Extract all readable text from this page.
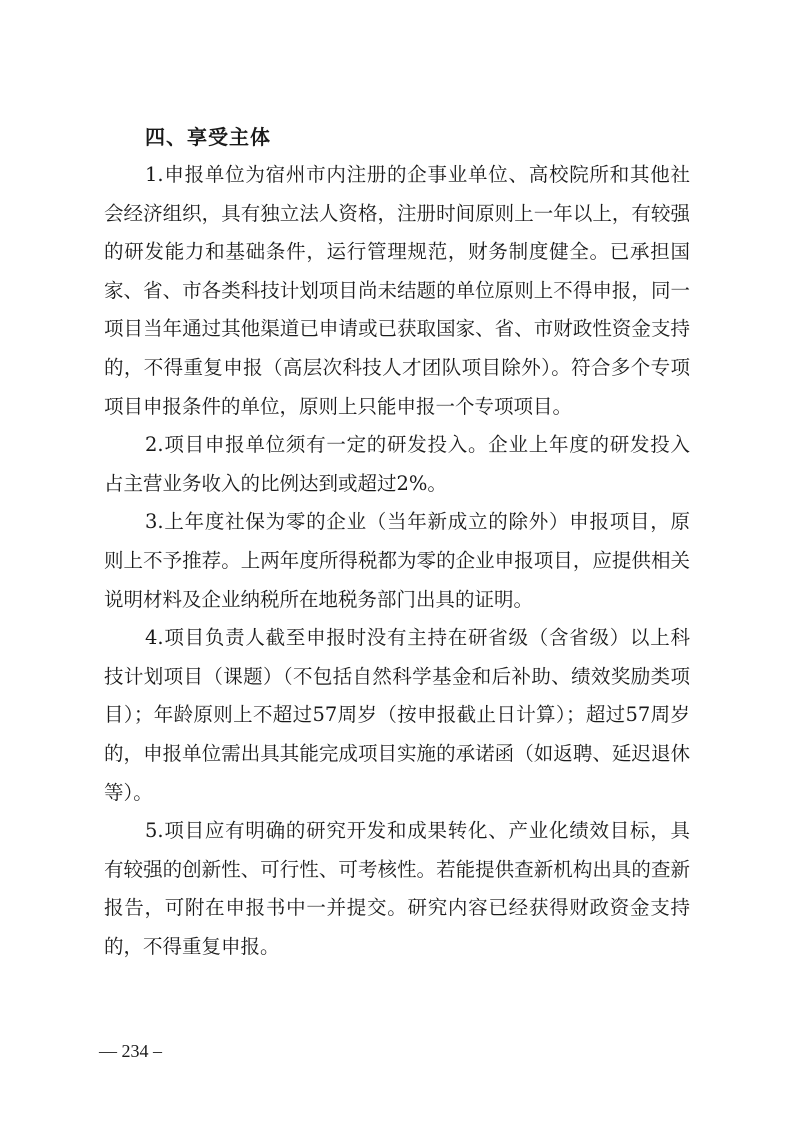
四、享受主体

1.申报单位为宿州市内注册的企事业单位、高校院所和其他社会经济组织，具有独立法人资格，注册时间原则上一年以上，有较强的研发能力和基础条件，运行管理规范，财务制度健全。已承担国家、省、市各类科技计划项目尚未结题的单位原则上不得申报，同一项目当年通过其他渠道已申请或已获取国家、省、市财政性资金支持的，不得重复申报（高层次科技人才团队项目除外）。符合多个专项项目申报条件的单位，原则上只能申报一个专项项目。

2.项目申报单位须有一定的研发投入。企业上年度的研发投入占主营业务收入的比例达到或超过2%。

3.上年度社保为零的企业（当年新成立的除外）申报项目，原则上不予推荐。上两年度所得税都为零的企业申报项目，应提供相关说明材料及企业纳税所在地税务部门出具的证明。

4.项目负责人截至申报时没有主持在研省级（含省级）以上科技计划项目（课题）（不包括自然科学基金和后补助、绩效奖励类项目）；年龄原则上不超过57周岁（按申报截止日计算）；超过57周岁的，申报单位需出具其能完成项目实施的承诺函（如返聘、延迟退休等）。

5.项目应有明确的研究开发和成果转化、产业化绩效目标，具有较强的创新性、可行性、可考核性。若能提供查新机构出具的查新报告，可附在申报书中一并提交。研究内容已经获得财政资金支持的，不得重复申报。

— 234 –
